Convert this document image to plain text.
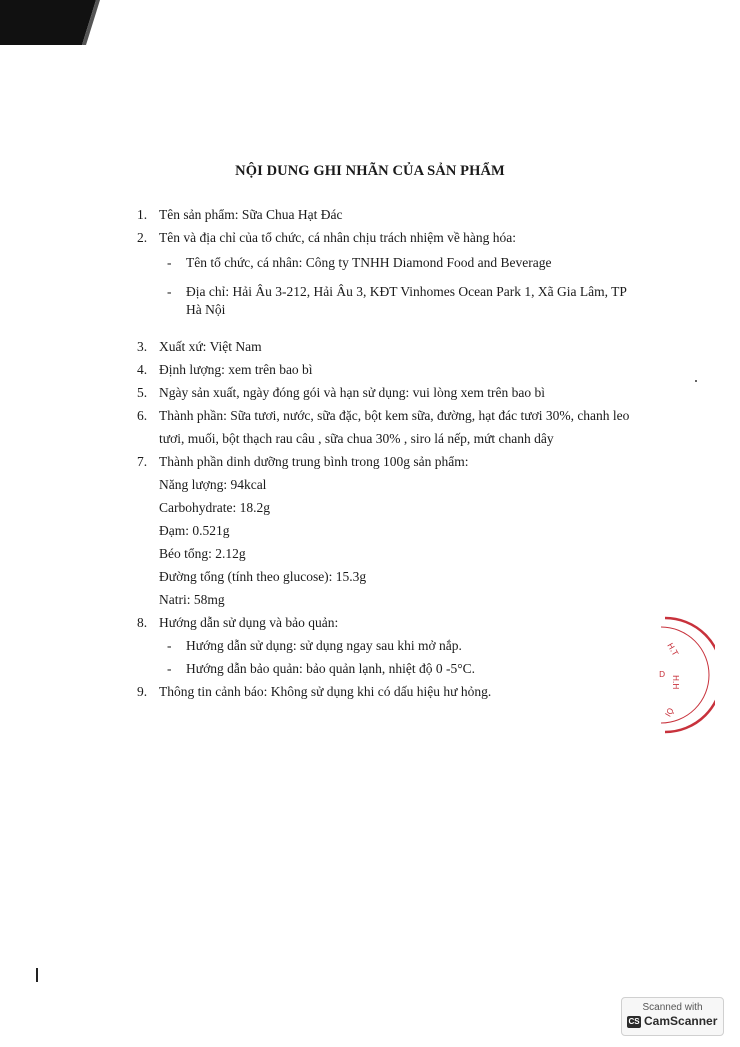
NỘI DUNG GHI NHÃN CỦA SẢN PHẨM
1. Tên sản phẩm: Sữa Chua Hạt Đác
2. Tên và địa chỉ của tổ chức, cá nhân chịu trách nhiệm về hàng hóa:
- Tên tổ chức, cá nhân: Công ty TNHH Diamond Food and Beverage
- Địa chỉ: Hải Âu 3-212, Hải Âu 3, KĐT Vinhomes Ocean Park 1, Xã Gia Lâm, TP Hà Nội
3. Xuất xứ: Việt Nam
4. Định lượng: xem trên bao bì
5. Ngày sản xuất, ngày đóng gói và hạn sử dụng: vui lòng xem trên bao bì
6. Thành phần: Sữa tươi, nước, sữa đặc, bột kem sữa, đường, hạt đác tươi 30%, chanh leo tươi, muối, bột thạch rau câu , sữa chua 30% , siro lá nếp, mứt chanh dây
7. Thành phần dinh dưỡng trung bình trong 100g sản phẩm:
Năng lượng: 94kcal
Carbohydrate: 18.2g
Đạm: 0.521g
Béo tổng: 2.12g
Đường tổng (tính theo glucose): 15.3g
Natri: 58mg
8. Hướng dẫn sử dụng và bảo quản:
- Hướng dẫn sử dụng: sử dụng ngay sau khi mở nắp.
- Hướng dẫn bảo quản: bảo quản lạnh, nhiệt độ 0 -5°C.
9. Thông tin cảnh báo: Không sử dụng khi có dấu hiệu hư hỏng.
H.T
H.H
ÔI
D
Scanned with
CS CamScanner
